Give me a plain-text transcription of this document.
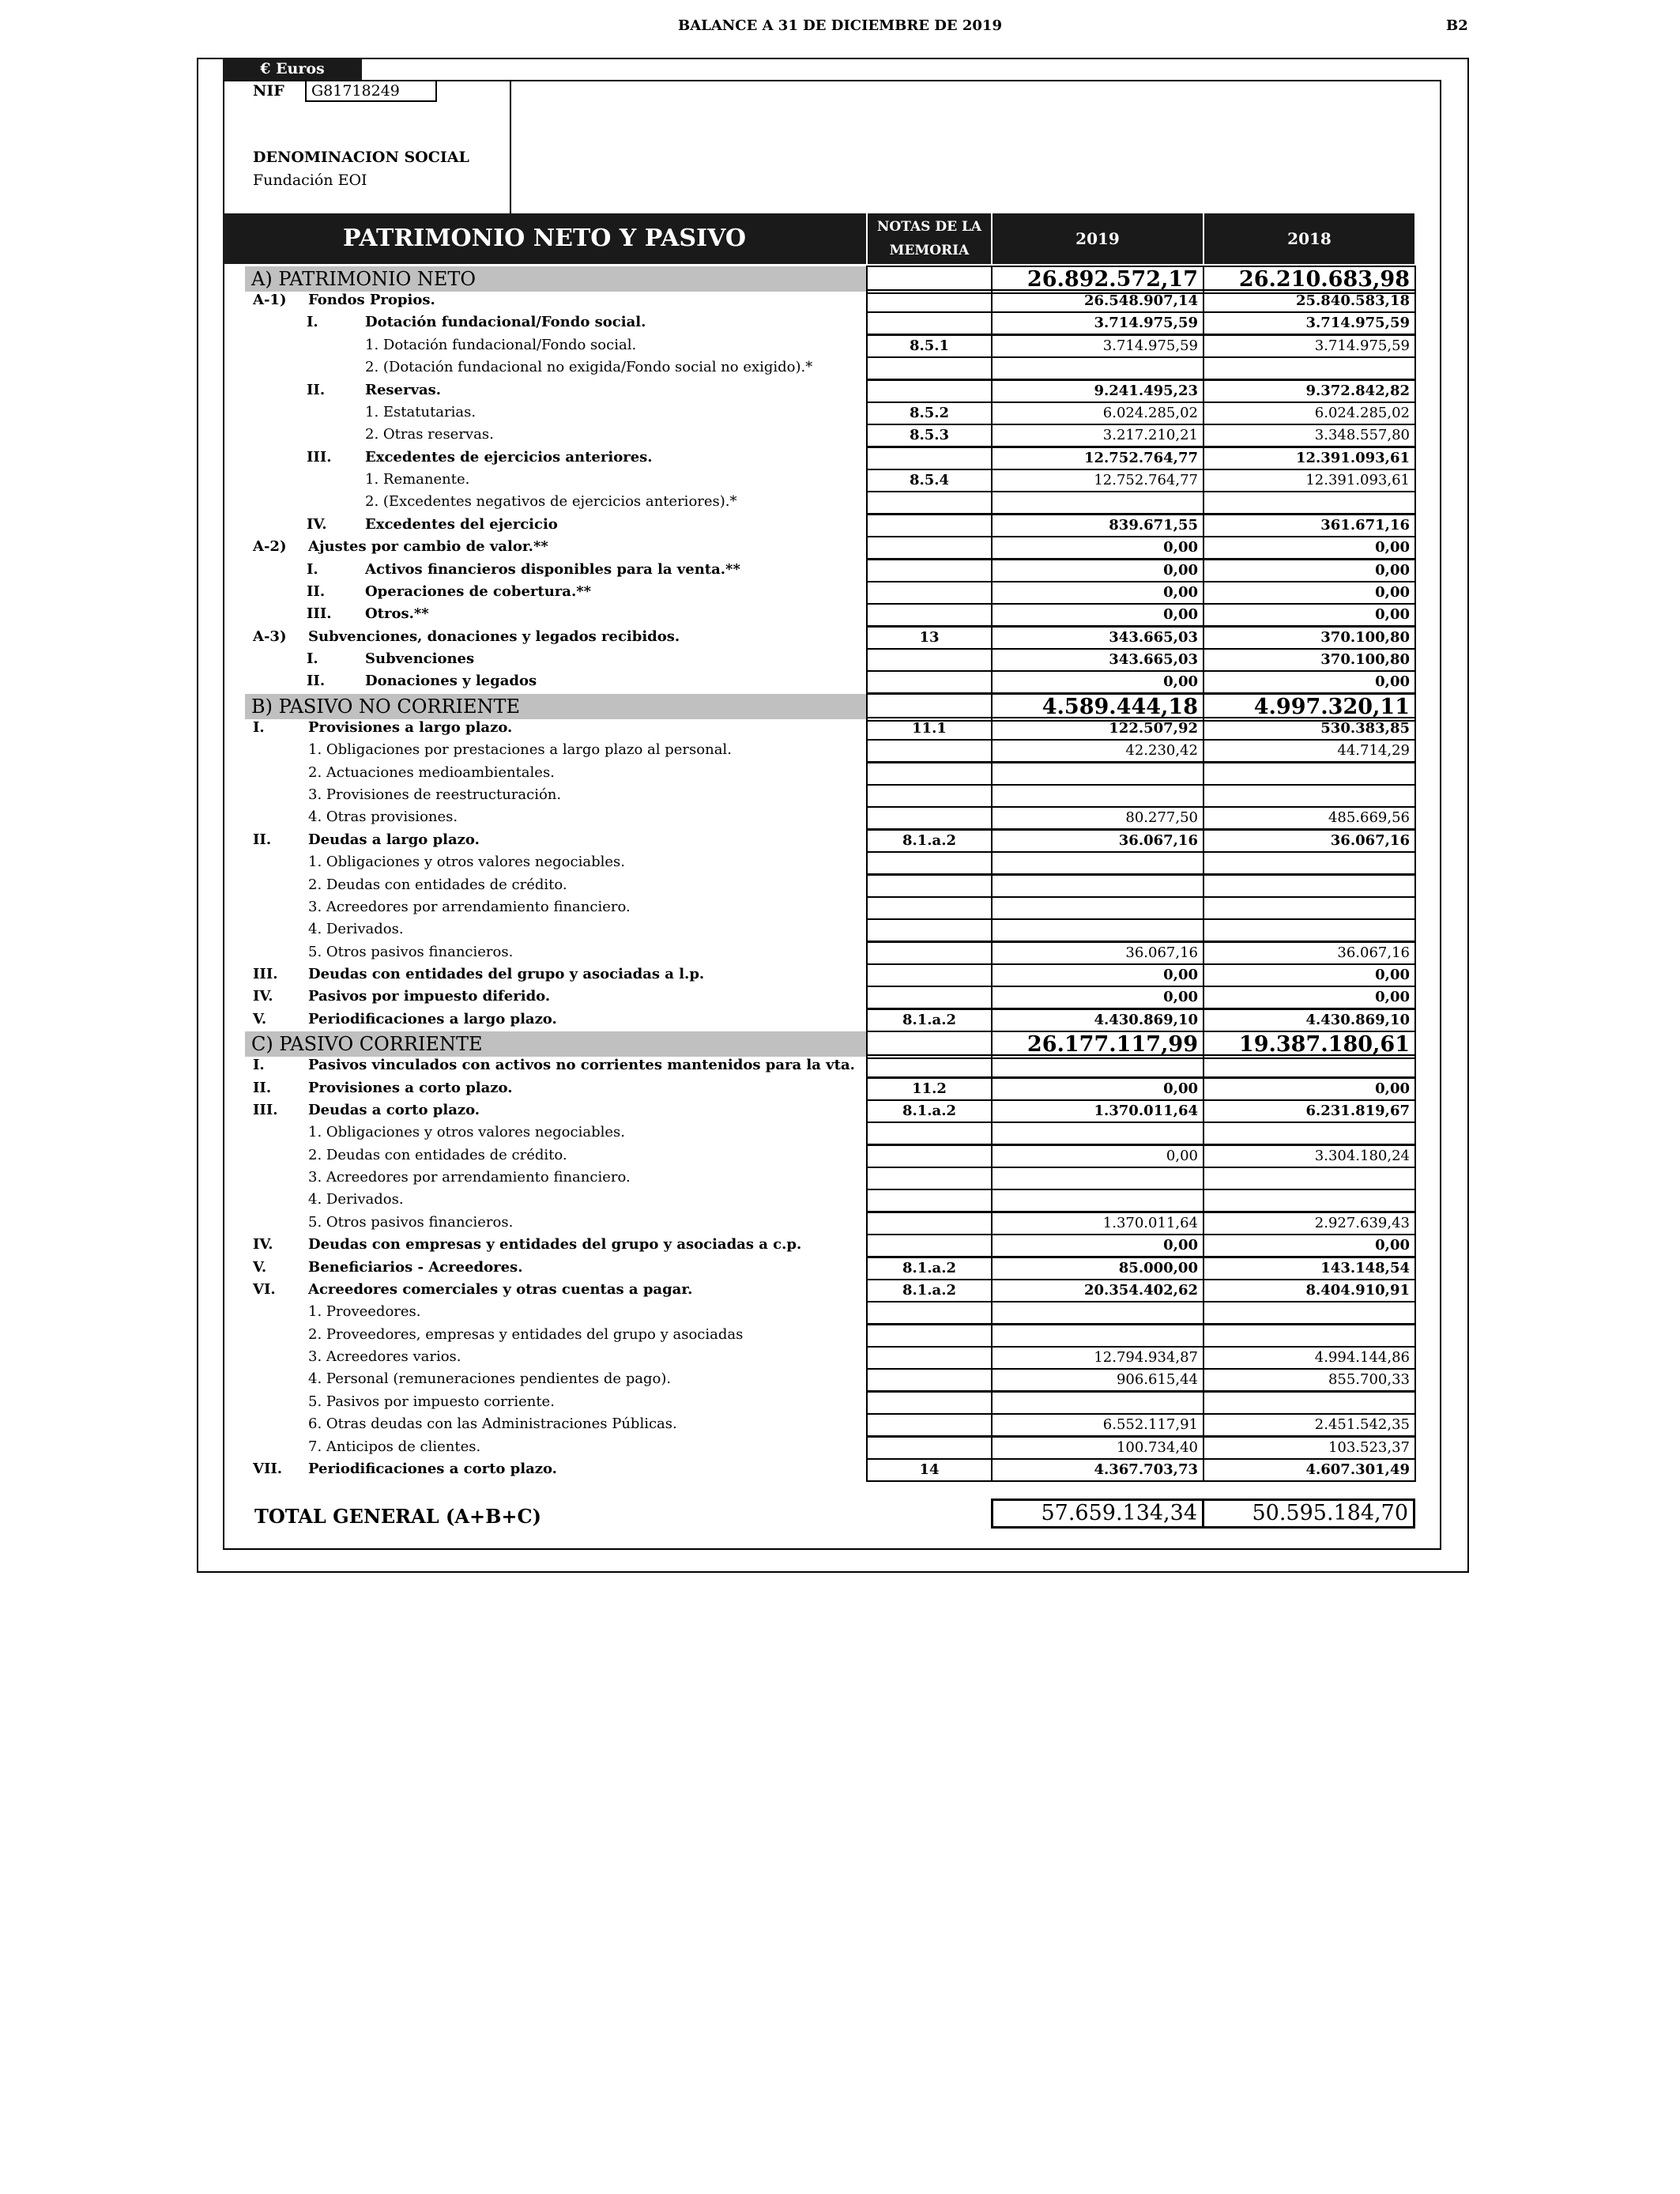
BALANCE A 31 DE DICIEMBRE DE 2019	B2
€ Euros
NIF	G81718249
DENOMINACION SOCIAL
Fundación EOI
PATRIMONIO NETO Y PASIVO	NOTAS DE LA MEMORIA
2019	2018
A) PATRIMONIO NETO	26.892.572,17	26.210.683,98
A-1) Fondos Propios.	26.548.907,14	25.840.583,18
I.	Dotación fundacional/Fondo social.	3.714.975,59	3.714.975,59
1. Dotación fundacional/Fondo social.	8.5.1	3.714.975,59	3.714.975,59
2. (Dotación fundacional no exigida/Fondo social no exigido).*
II.	Reservas.	9.241.495,23	9.372.842,82
1. Estatutarias.	8.5.2	6.024.285,02	6.024.285,02
2. Otras reservas.	8.5.3	3.217.210,21	3.348.557,80
III. Excedentes de ejercicios anteriores.	12.752.764,77	12.391.093,61
1. Remanente.	8.5.4	12.752.764,77	12.391.093,61
2. (Excedentes negativos de ejercicios anteriores).*
IV.	Excedentes del ejercicio	839.671,55	361.671,16
A-2) Ajustes por cambio de valor.**	0,00	0,00
I.	Activos financieros disponibles para la venta.**	0,00	0,00
II.	Operaciones de cobertura.**	0,00	0,00
III. Otros.**	0,00	0,00
A-3) Subvenciones, donaciones y legados recibidos.	13	343.665,03	370.100,80
I.	Subvenciones	343.665,03	370.100,80
II.	Donaciones y legados	0,00	0,00
B) PASIVO NO CORRIENTE	4.589.444,18	4.997.320,11
I.	Provisiones a largo plazo.	11.1	122.507,92	530.383,85
1. Obligaciones por prestaciones a largo plazo al personal.	42.230,42	44.714,29
2. Actuaciones medioambientales.
3. Provisiones de reestructuración.
4. Otras provisiones.	80.277,50	485.669,56
II.	Deudas a largo plazo.	8.1.a.2	36.067,16	36.067,16
1. Obligaciones y otros valores negociables.
2. Deudas con entidades de crédito.
3. Acreedores por arrendamiento financiero.
4. Derivados.
5. Otros pasivos financieros.	36.067,16	36.067,16
III. Deudas con entidades del grupo y asociadas a l.p.	0,00	0,00
IV. Pasivos por impuesto diferido.	0,00	0,00
V.	Periodificaciones a largo plazo.	8.1.a.2	4.430.869,10	4.430.869,10
C) PASIVO CORRIENTE	26.177.117,99	19.387.180,61
I.	Pasivos vinculados con activos no corrientes mantenidos para la vta.
II.	Provisiones a corto plazo.	11.2	0,00	0,00
III. Deudas a corto plazo.	8.1.a.2	1.370.011,64	6.231.819,67
1. Obligaciones y otros valores negociables.
2. Deudas con entidades de crédito.	0,00	3.304.180,24
3. Acreedores por arrendamiento financiero.
4. Derivados.
5. Otros pasivos financieros.	1.370.011,64	2.927.639,43
IV. Deudas con empresas y entidades del grupo y asociadas a c.p.	0,00	0,00
V.	Beneficiarios - Acreedores.	8.1.a.2	85.000,00	143.148,54
VI. Acreedores comerciales y otras cuentas a pagar.	8.1.a.2	20.354.402,62	8.404.910,91
1. Proveedores.
2. Proveedores, empresas y entidades del grupo y asociadas
3. Acreedores varios.	12.794.934,87	4.994.144,86
4. Personal (remuneraciones pendientes de pago).	906.615,44	855.700,33
5. Pasivos por impuesto corriente.
6. Otras deudas con las Administraciones Públicas.	6.552.117,91	2.451.542,35
7. Anticipos de clientes.	100.734,40	103.523,37
VII. Periodificaciones a corto plazo.	14	4.367.703,73	4.607.301,49
TOTAL GENERAL (A+B+C)	57.659.134,34	50.595.184,70
